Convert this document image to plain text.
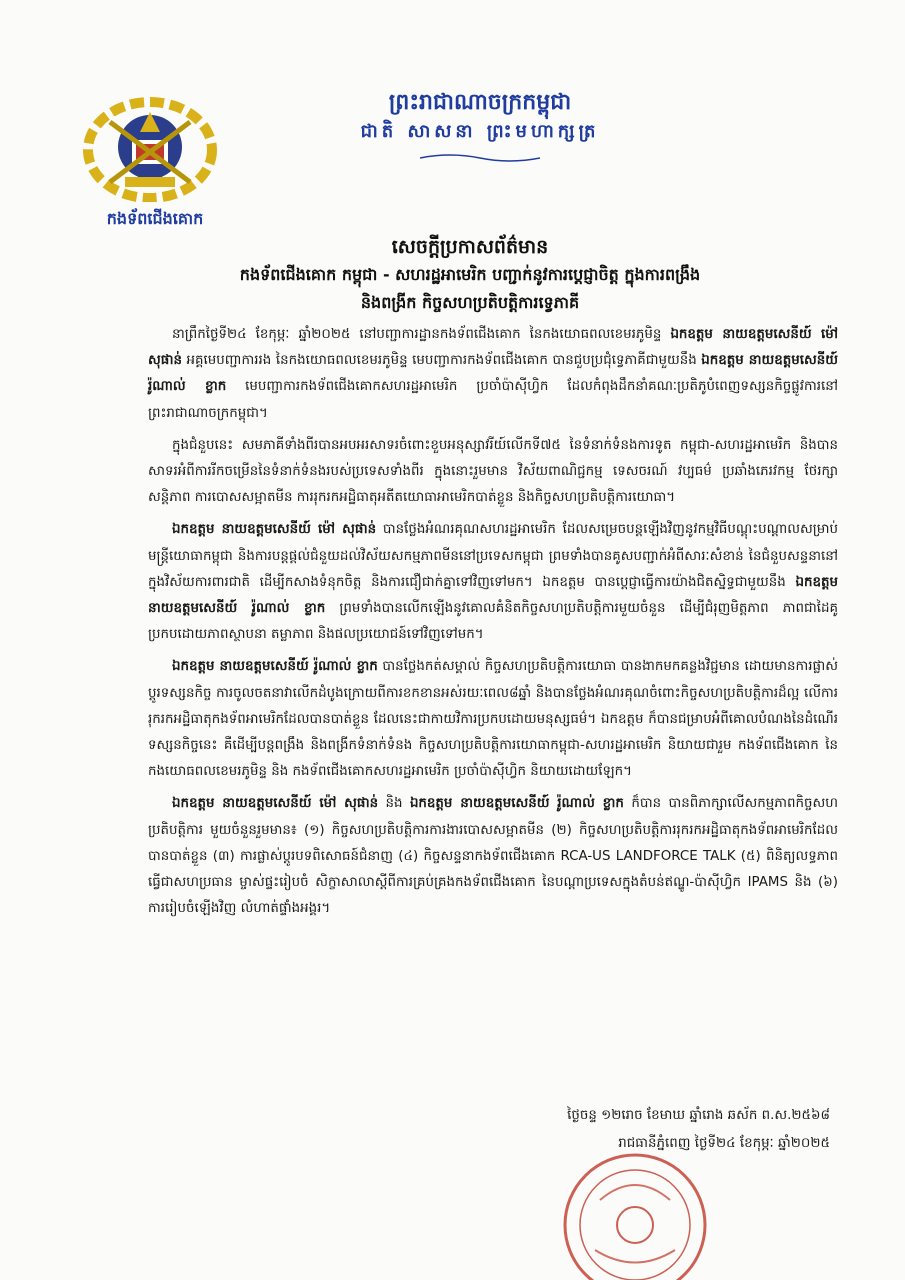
កងទ័ពជើងគោក
ព្រះរាជាណាចក្រកម្ពុជា
ជាតិ សាសនា ព្រះមហាក្សត្រ
សេចក្តីប្រកាសព័ត៌មាន
កងទ័ពជើងគោក កម្ពុជា - សហរដ្ឋអាមេរិក បញ្ជាក់នូវការប្តេជ្ញាចិត្ត ក្នុងការពង្រឹង
និងពង្រីក កិច្ចសហប្រតិបត្តិការទ្វេភាគី

នាព្រឹកថ្ងៃទី២៤ ខែកុម្ភៈ ឆ្នាំ២០២៥ នៅបញ្ជាការដ្ឋានកងទ័ពជើងគោក នៃកងយោធពលខេមរភូមិន្ទ ឯកឧត្តម នាយឧត្តមសេនីយ៍ ម៉ៅ សុផាន់ អគ្គមេបញ្ជាការរង នៃកងយោធពលខេមរភូមិន្ទ មេបញ្ជាការកងទ័ពជើងគោក បានជួបប្រជុំទ្វេភាគីជាមួយនឹង ឯកឧត្តម នាយឧត្តមសេនីយ៍ រ៉ូណាល់ ខ្លាក មេបញ្ជាការកងទ័ពជើងគោកសហរដ្ឋអាមេរិក ប្រចាំប៉ាស៊ីហ្វិក ដែលកំពុងដឹកនាំគណៈប្រតិភូបំពេញទស្សនកិច្ចផ្លូវការនៅព្រះរាជាណាចក្រកម្ពុជា។

ក្នុងជំនួបនេះ សមភាគីទាំងពីរបានអបអរសាទរចំពោះខួបអនុស្សាវរីយ៍លើកទី៧៥ នៃទំនាក់ទំនងការទូត កម្ពុជា-សហរដ្ឋអាមេរិក និងបានសាទរអំពីការរីកចម្រើននៃទំនាក់ទំនងរបស់ប្រទេសទាំងពីរ ក្នុងនោះរួមមាន វិស័យពាណិជ្ជកម្ម ទេសចរណ៍ វប្បធម៌ ប្រឆាំងភេរវកម្ម ថែរក្សាសន្តិភាព ការបោសសម្អាតមីន ការរុករកអដ្ឋិធាតុអតីតយោធាអាមេរិកបាត់ខ្លួន និងកិច្ចសហប្រតិបត្តិការយោធា។

ឯកឧត្តម នាយឧត្តមសេនីយ៍ ម៉ៅ សុផាន់ បានថ្លែងអំណរគុណសហរដ្ឋអាមេរិក ដែលសម្រេចបន្តឡើងវិញនូវកម្មវិធីបណ្តុះបណ្តាលសម្រាប់មន្ត្រីយោធាកម្ពុជា និងការបន្តផ្តល់ជំនួយដល់វិស័យសកម្មភាពមីននៅប្រទេសកម្ពុជា ព្រមទាំងបានគូសបញ្ជាក់អំពីសារៈសំខាន់ នៃជំនួបសន្ទនានៅក្នុងវិស័យការពារជាតិ ដើម្បីកសាងទំនុកចិត្ត និងការជឿជាក់គ្នាទៅវិញទៅមក។ ឯកឧត្តម បានប្តេជ្ញាធ្វើការយ៉ាងជិតស្និទ្ធជាមួយនឹង ឯកឧត្តម នាយឧត្តមសេនីយ៍ រ៉ូណាល់ ខ្លាក ព្រមទាំងបានលើកឡើងនូវគោលគំនិតកិច្ចសហប្រតិបត្តិការមួយចំនួន ដើម្បីជំរុញមិត្តភាព ភាពជាដៃគូប្រកបដោយភាពស្ថាបនា តម្លាភាព និងផលប្រយោជន៍ទៅវិញទៅមក។

ឯកឧត្តម នាយឧត្តមសេនីយ៍ រ៉ូណាល់ ខ្លាក បានថ្លែងកត់សម្គាល់ កិច្ចសហប្រតិបត្តិការយោធា បានងាកមកគន្លងវិជ្ជមាន ដោយមានការផ្លាស់ប្តូរទស្សនកិច្ច ការចូលចតនាវាលើកដំបូងក្រោយពីការខកខានអស់រយៈពេល៨ឆ្នាំ និងបានថ្លែងអំណរគុណចំពោះកិច្ចសហប្រតិបត្តិការដ៏ល្អ លើការរុករកអដ្ឋិធាតុកងទ័ពអាមេរិកដែលបានបាត់ខ្លួន ដែលនេះជាកាយវិការប្រកបដោយមនុស្សធម៌។ ឯកឧត្តម ក៏បានជម្រាបអំពីគោលបំណងនៃដំណើរទស្សនកិច្ចនេះ គឺដើម្បីបន្តពង្រឹង និងពង្រីកទំនាក់ទំនង កិច្ចសហប្រតិបត្តិការយោធាកម្ពុជា-សហរដ្ឋអាមេរិក និយាយជារួម កងទ័ពជើងគោក នៃកងយោធពលខេមរភូមិន្ទ និង កងទ័ពជើងគោកសហរដ្ឋអាមេរិក ប្រចាំប៉ាស៊ីហ្វិក និយាយដោយឡែក។

ឯកឧត្តម នាយឧត្តមសេនីយ៍ ម៉ៅ សុផាន់ និង ឯកឧត្តម នាយឧត្តមសេនីយ៍ រ៉ូណាល់ ខ្លាក ក៏បាន បានពិភាក្សាលើសកម្មភាពកិច្ចសហប្រតិបត្តិការ មួយចំនួនរួមមាន៖ (១) កិច្ចសហប្រតិបត្តិការការងារបោសសម្អាតមីន (២) កិច្ចសហប្រតិបត្តិការរុករកអដ្ឋិធាតុកងទ័ពអាមេរិកដែលបានបាត់ខ្លួន (៣) ការផ្លាស់ប្តូរបទពិសោធន៍ជំនាញ (៤) កិច្ចសន្ទនាកងទ័ពជើងគោក RCA-US LANDFORCE TALK (៥) ពិនិត្យលទ្ធភាពធ្វើជាសហប្រធាន ម្ចាស់ផ្ទះរៀបចំ សិក្ខាសាលាស្តីពីការគ្រប់គ្រងកងទ័ពជើងគោក នៃបណ្តាប្រទេសក្នុងតំបន់ឥណ្ឌូ-ប៉ាស៊ីហ្វិក IPAMS និង (៦) ការរៀបចំឡើងវិញ លំហាត់ផ្ទាំងអង្គរ។

ថ្ងៃចន្ទ ១២រោច ខែមាឃ ឆ្នាំរោង ឆស័ក ព.ស.២៥៦៨
រាជធានីភ្នំពេញ ថ្ងៃទី២៤ ខែកុម្ភៈ ឆ្នាំ២០២៥
